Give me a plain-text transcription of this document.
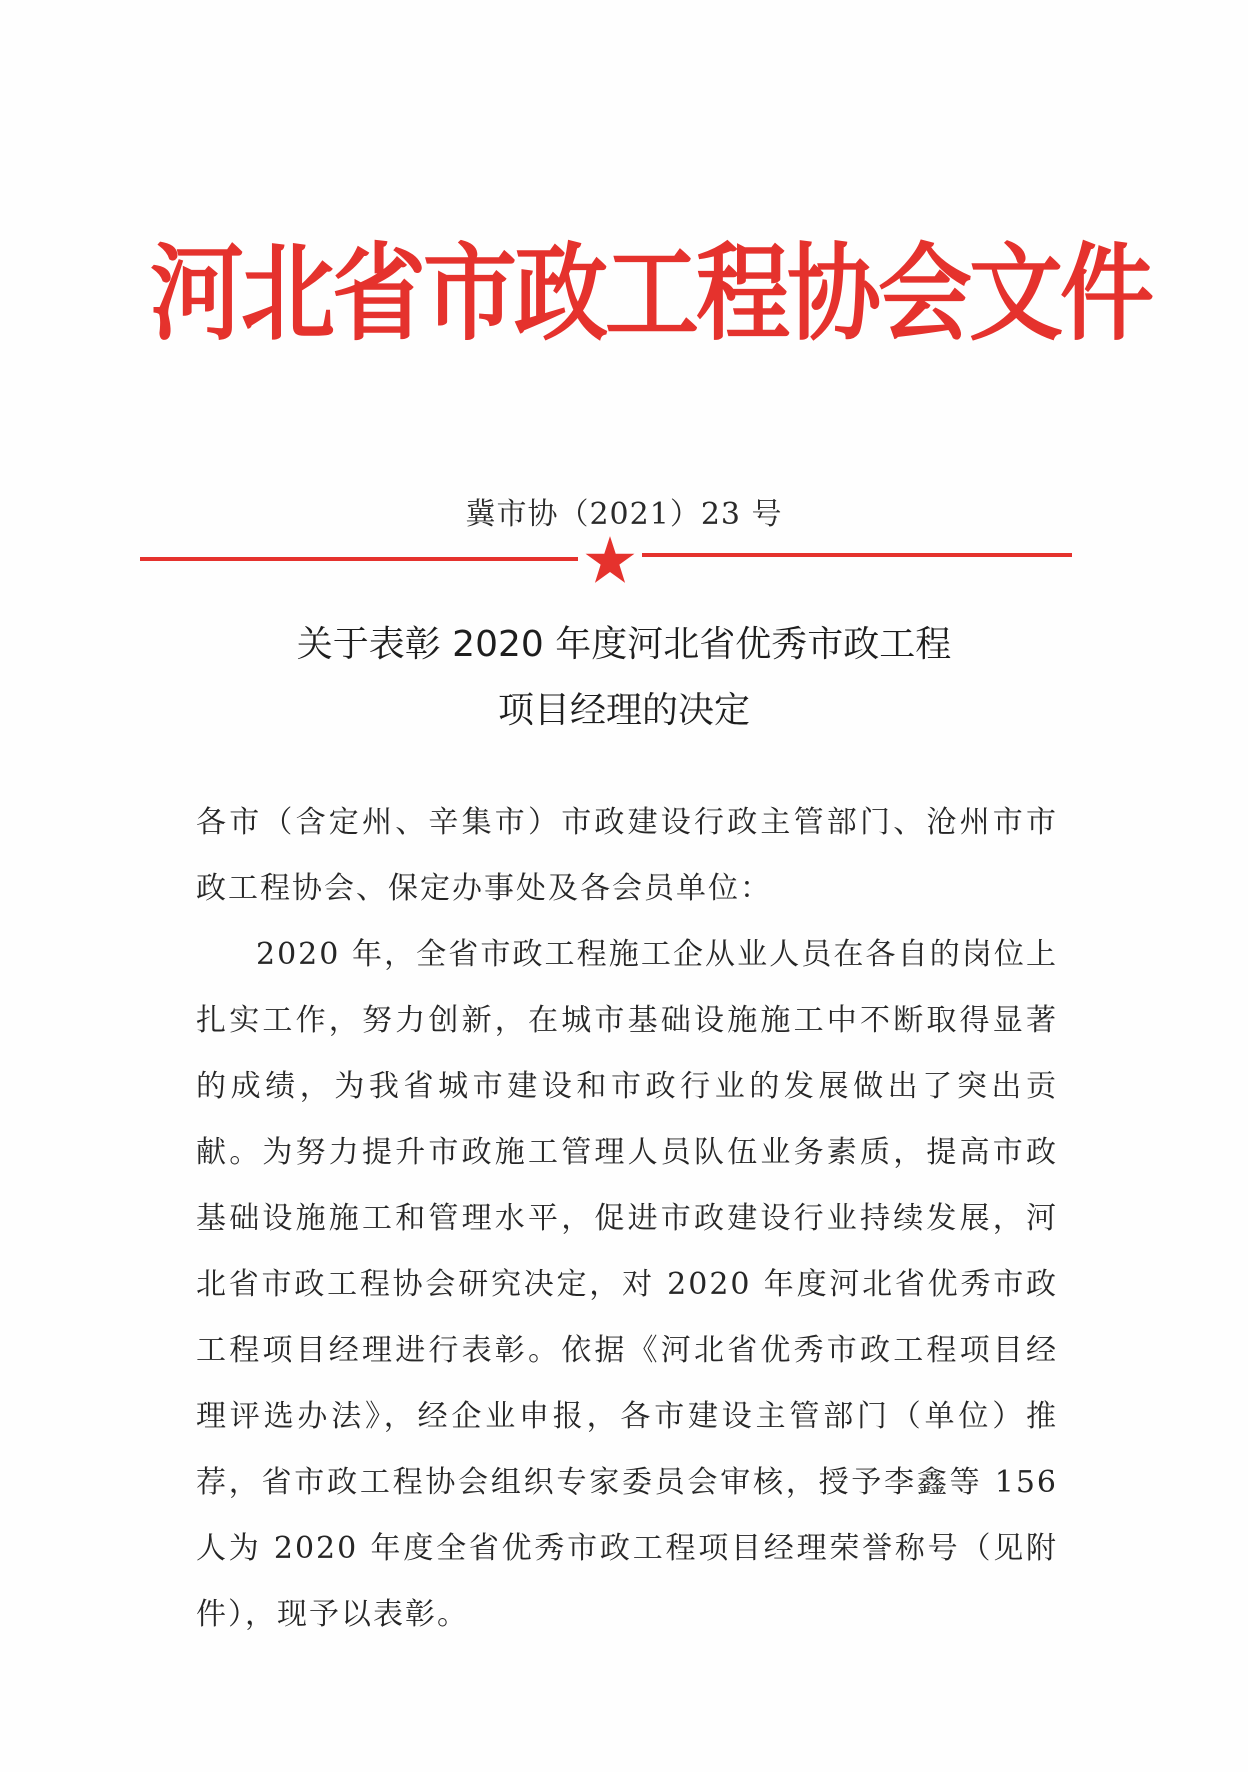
河北省市政工程协会文件
冀市协（2021）23 号
关于表彰 2020 年度河北省优秀市政工程
项目经理的决定

各市（含定州、辛集市）市政建设行政主管部门、沧州市市政工程协会、保定办事处及各会员单位：

2020 年，全省市政工程施工企从业人员在各自的岗位上扎实工作，努力创新，在城市基础设施施工中不断取得显著的成绩，为我省城市建设和市政行业的发展做出了突出贡献。为努力提升市政施工管理人员队伍业务素质，提高市政基础设施施工和管理水平，促进市政建设行业持续发展，河北省市政工程协会研究决定，对 2020 年度河北省优秀市政工程项目经理进行表彰。依据《河北省优秀市政工程项目经理评选办法》，经企业申报，各市建设主管部门（单位）推荐，省市政工程协会组织专家委员会审核，授予李鑫等 156 人为 2020 年度全省优秀市政工程项目经理荣誉称号（见附件），现予以表彰。
